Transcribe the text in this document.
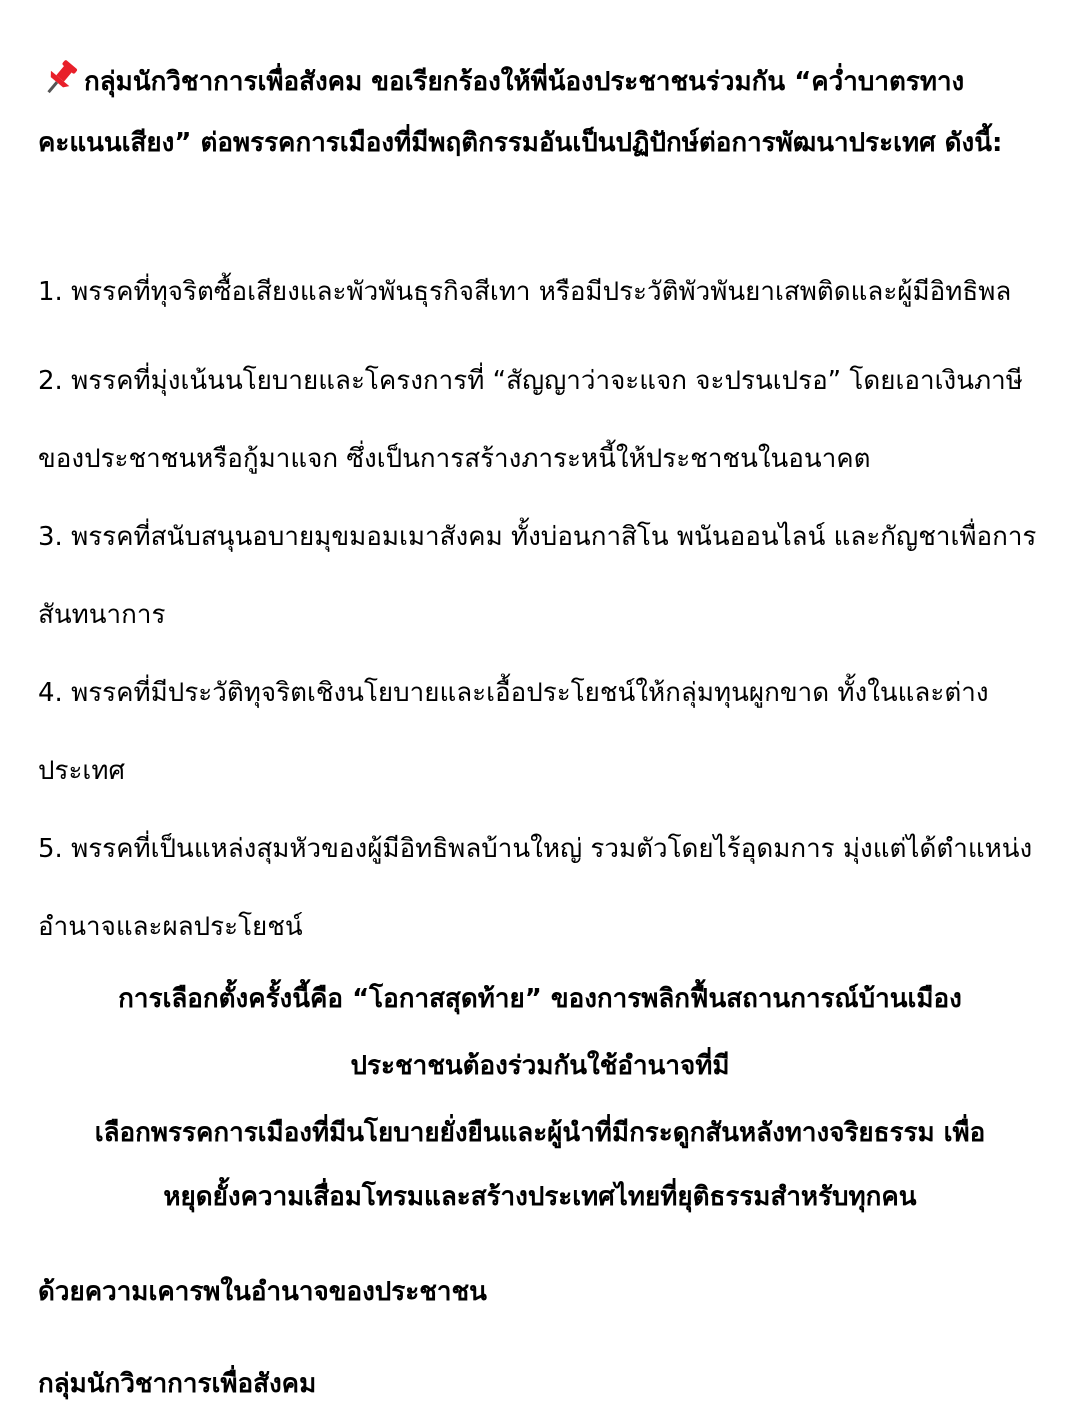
กลุ่มนักวิชาการเพื่อสังคม ขอเรียกร้องให้พี่น้องประชาชนร่วมกัน “คว่ำบาตรทางคะแนนเสียง” ต่อพรรคการเมืองที่มีพฤติกรรมอันเป็นปฏิปักษ์ต่อการพัฒนาประเทศ ดังนี้:

1. พรรคที่ทุจริตซื้อเสียงและพัวพันธุรกิจสีเทา หรือมีประวัติพัวพันยาเสพติดและผู้มีอิทธิพล

2. พรรคที่มุ่งเน้นนโยบายและโครงการที่ “สัญญาว่าจะแจก จะปรนเปรอ” โดยเอาเงินภาษีของประชาชนหรือกู้มาแจก ซึ่งเป็นการสร้างภาระหนี้ให้ประชาชนในอนาคต

3. พรรคที่สนับสนุนอบายมุขมอมเมาสังคม ทั้งบ่อนกาสิโน พนันออนไลน์ และกัญชาเพื่อการสันทนาการ

4. พรรคที่มีประวัติทุจริตเชิงนโยบายและเอื้อประโยชน์ให้กลุ่มทุนผูกขาด ทั้งในและต่างประเทศ

5. พรรคที่เป็นแหล่งสุมหัวของผู้มีอิทธิพลบ้านใหญ่ รวมตัวโดยไร้อุดมการ มุ่งแต่ได้ตำแหน่งอำนาจและผลประโยชน์

การเลือกตั้งครั้งนี้คือ “โอกาสสุดท้าย” ของการพลิกฟื้นสถานการณ์บ้านเมือง

ประชาชนต้องร่วมกันใช้อำนาจที่มี

เลือกพรรคการเมืองที่มีนโยบายยั่งยืนและผู้นำที่มีกระดูกสันหลังทางจริยธรรม เพื่อ

หยุดยั้งความเสื่อมโทรมและสร้างประเทศไทยที่ยุติธรรมสำหรับทุกคน

ด้วยความเคารพในอำนาจของประชาชน

กลุ่มนักวิชาการเพื่อสังคม
